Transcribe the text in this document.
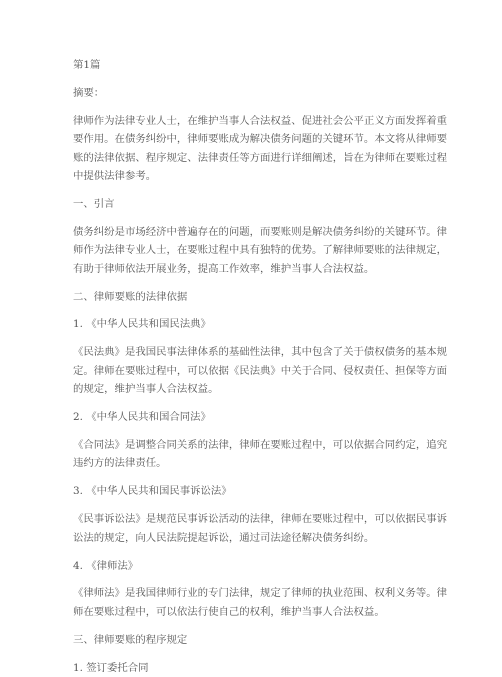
第1篇

摘要：

律师作为法律专业人士，在维护当事人合法权益、促进社会公平正义方面发挥着重

要作用。在债务纠纷中，律师要账成为解决债务问题的关键环节。本文将从律师要

账的法律依据、程序规定、法律责任等方面进行详细阐述，旨在为律师在要账过程

中提供法律参考。

一、引言

债务纠纷是市场经济中普遍存在的问题，而要账则是解决债务纠纷的关键环节。律

师作为法律专业人士，在要账过程中具有独特的优势。了解律师要账的法律规定，

有助于律师依法开展业务，提高工作效率，维护当事人合法权益。

二、律师要账的法律依据

1. 《中华人民共和国民法典》

《民法典》是我国民事法律体系的基础性法律，其中包含了关于债权债务的基本规

定。律师在要账过程中，可以依据《民法典》中关于合同、侵权责任、担保等方面

的规定，维护当事人合法权益。

2. 《中华人民共和国合同法》

《合同法》是调整合同关系的法律，律师在要账过程中，可以依据合同约定，追究

违约方的法律责任。

3. 《中华人民共和国民事诉讼法》

《民事诉讼法》是规范民事诉讼活动的法律，律师在要账过程中，可以依据民事诉

讼法的规定，向人民法院提起诉讼，通过司法途径解决债务纠纷。

4. 《律师法》

《律师法》是我国律师行业的专门法律，规定了律师的执业范围、权利义务等。律

师在要账过程中，可以依法行使自己的权利，维护当事人合法权益。

三、律师要账的程序规定

1. 签订委托合同
